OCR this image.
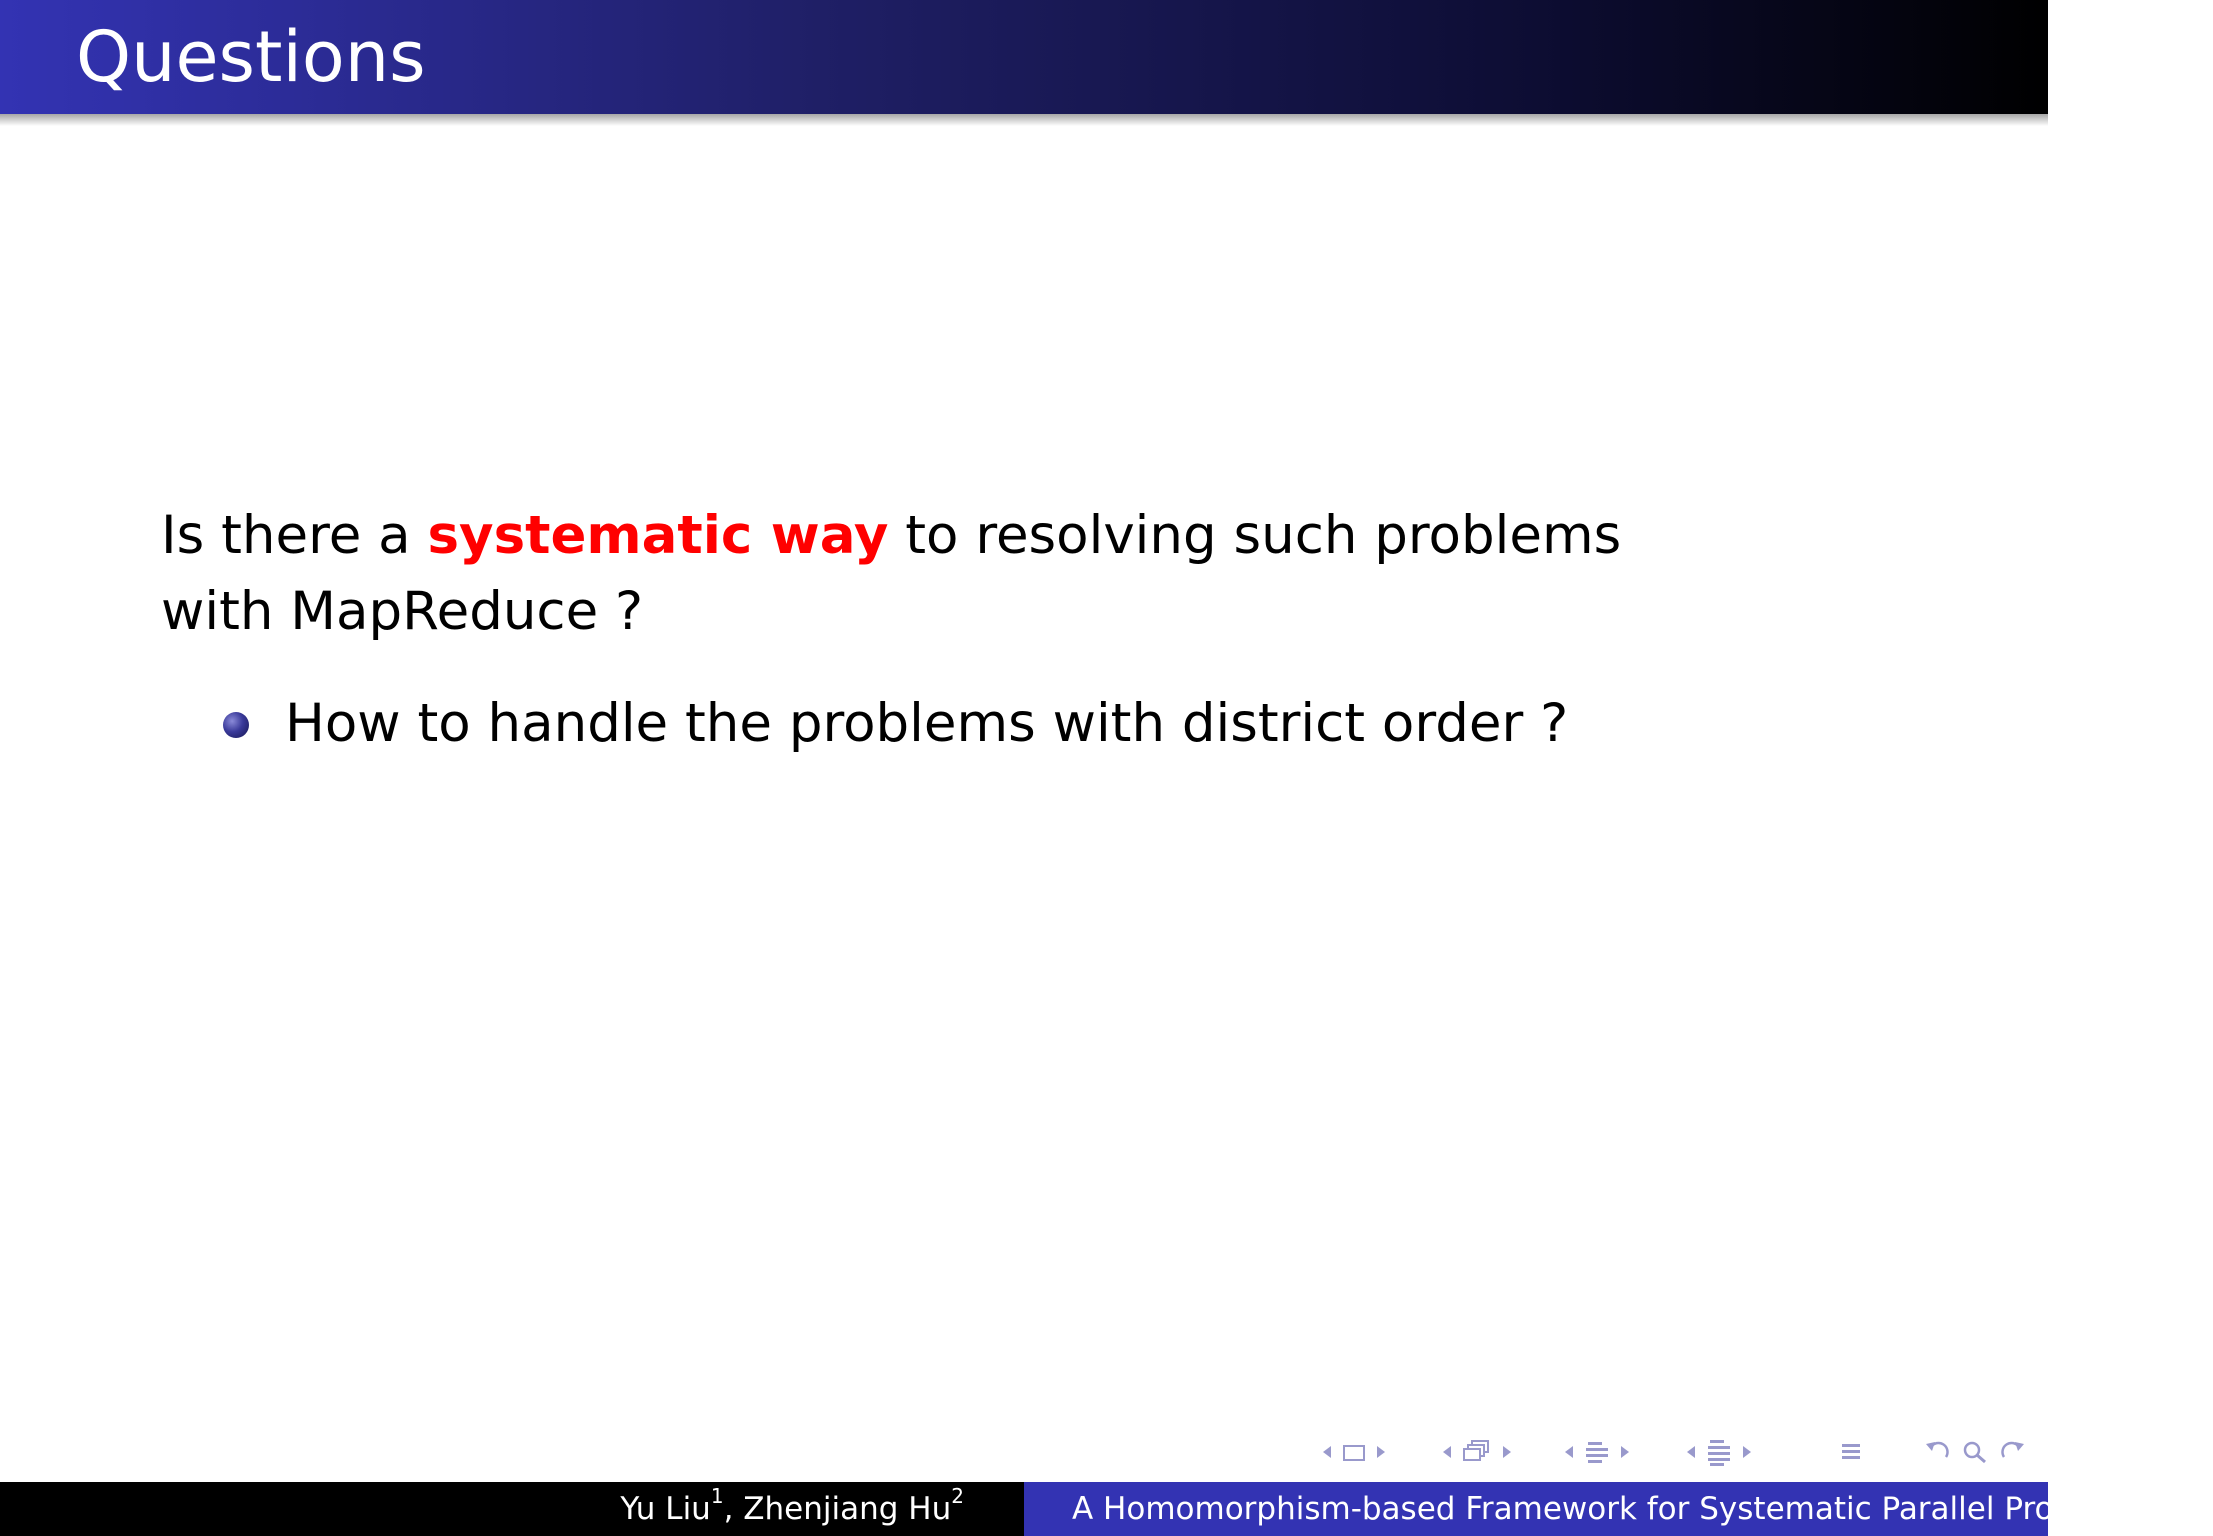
Questions

Is there a systematic way to resolving such problems with MapReduce ?

How to handle the problems with district order ?
Yu Liu$^1$, Zhenjiang Hu$^2$	A Homomorphism-based Framework for Systematic Parallel Programming
